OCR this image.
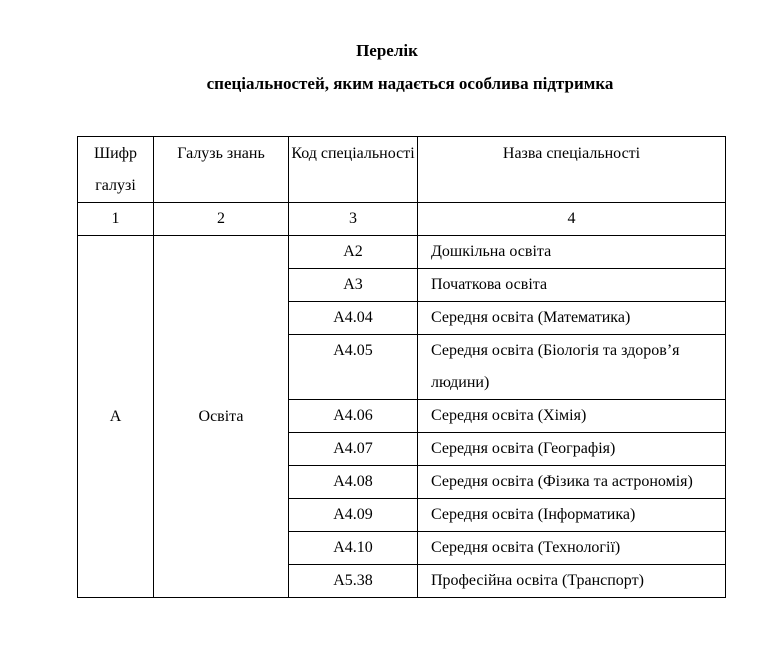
Перелік
спеціальностей, яким надається особлива підтримка
Шифр галузі	Галузь знань	Код спеціальності	Назва спеціальності
1	2	3	4
А	Освіта	А2	Дошкільна освіта
		А3	Початкова освіта
		А4.04	Середня освіта (Математика)
		А4.05	Середня освіта (Біологія та здоров’я людини)
		А4.06	Середня освіта (Хімія)
		А4.07	Середня освіта (Географія)
		А4.08	Середня освіта (Фізика та астрономія)
		А4.09	Середня освіта (Інформатика)
		А4.10	Середня освіта (Технології)
		А5.38	Професійна освіта (Транспорт)
